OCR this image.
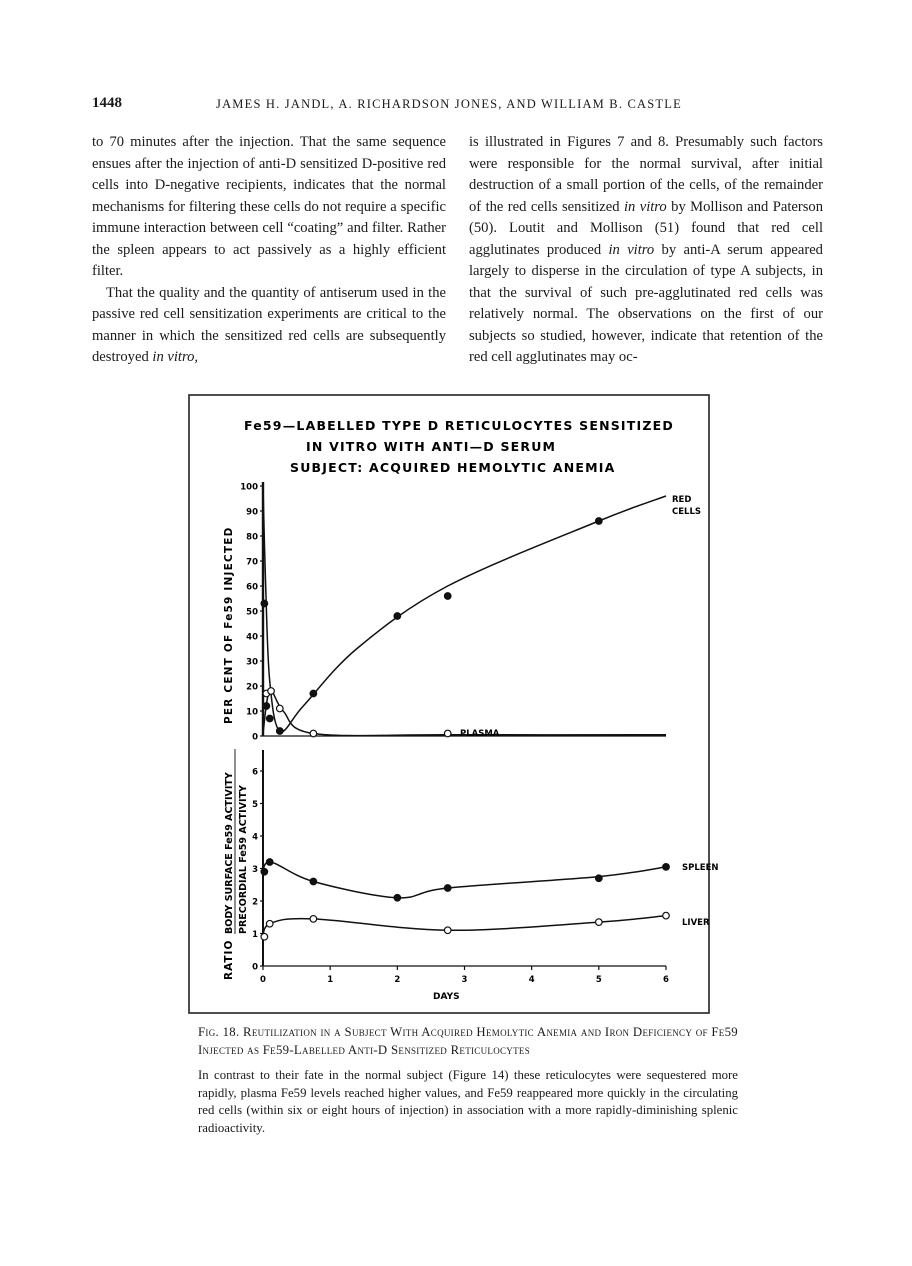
1448	JAMES H. JANDL, A. RICHARDSON JONES, AND WILLIAM B. CASTLE

to 70 minutes after the injection. That the same sequence ensues after the injection of anti-D sensitized D-positive red cells into D-negative recipients, indicates that the normal mechanisms for filtering these cells do not require a specific immune interaction between cell “coating” and filter. Rather the spleen appears to act passively as a highly efficient filter.

That the quality and the quantity of antiserum used in the passive red cell sensitization experiments are critical to the manner in which the sensitized red cells are subsequently destroyed in vitro,

is illustrated in Figures 7 and 8. Presumably such factors were responsible for the normal survival, after initial destruction of a small portion of the cells, of the remainder of the red cells sensitized in vitro by Mollison and Paterson (50). Loutit and Mollison (51) found that red cell agglutinates produced in vitro by anti-A serum appeared largely to disperse in the circulation of type A subjects, in that the survival of such pre-agglutinated red cells was relatively normal. The observations on the first of our subjects so studied, however, indicate that retention of the red cell agglutinates may oc-

Fe59—LABELLED TYPE D RETICULOCYTES SENSITIZED
IN VITRO WITH ANTI—D SERUM
SUBJECT: ACQUIRED HEMOLYTIC ANEMIA
0
10
20
30
40
50
60
70
80
90
100
0
1
2
3
4
5
6
0	1	2	3	4	5	6
PER CENT OF Fe59 INJECTED
RATIO
BODY SURFACE Fe59 ACTIVITY PRECORDIAL Fe59 ACTIVITY
RED
CELLS
PLASMA
SPLEEN
LIVER
DAYS

Fig. 18. Reutilization in a Subject With Acquired Hemolytic Anemia and Iron Deficiency of Fe59 Injected as Fe59-Labelled Anti-D Sensitized Reticulocytes

In contrast to their fate in the normal subject (Figure 14) these reticulocytes were sequestered more rapidly, plasma Fe59 levels reached higher values, and Fe59 reappeared more quickly in the circulating red cells (within six or eight hours of injection) in association with a more rapidly-diminishing splenic radioactivity.
